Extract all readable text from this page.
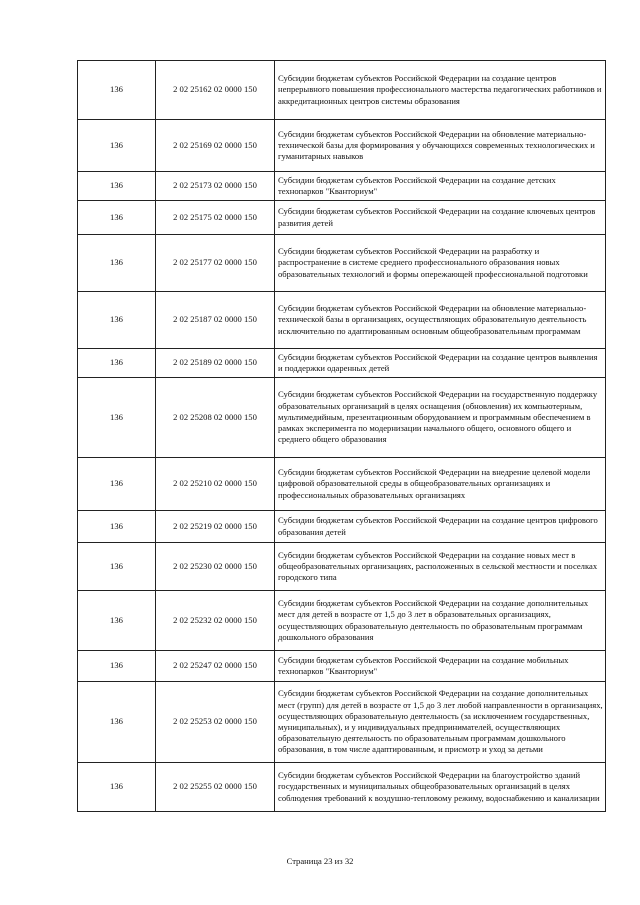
136	2 02 25162 02 0000 150	Субсидии бюджетам субъектов Российской Федерации на создание центров непрерывного повышения профессионального мастерства педагогических работников и аккредитационных центров системы образования
136	2 02 25169 02 0000 150	Субсидии бюджетам субъектов Российской Федерации на обновление материально-технической базы для формирования у обучающихся современных технологических и гуманитарных навыков
136	2 02 25173 02 0000 150	Субсидии бюджетам субъектов Российской Федерации на создание детских технопарков "Кванториум"
136	2 02 25175 02 0000 150	Субсидии бюджетам субъектов Российской Федерации на создание ключевых центров развития детей
136	2 02 25177 02 0000 150	Субсидии бюджетам субъектов Российской Федерации на разработку и распространение в системе среднего профессионального образования новых образовательных технологий и формы опережающей профессиональной подготовки
136	2 02 25187 02 0000 150	Субсидии бюджетам субъектов Российской Федерации на обновление материально-технической базы в организациях, осуществляющих образовательную деятельность исключительно по адаптированным основным общеобразовательным программам
136	2 02 25189 02 0000 150	Субсидии бюджетам субъектов Российской Федерации на создание центров выявления и поддержки одаренных детей
136	2 02 25208 02 0000 150	Субсидии бюджетам субъектов Российской Федерации на государственную поддержку образовательных организаций в целях оснащения (обновления) их компьютерным, мультимедийным, презентационным оборудованием и программным обеспечением в рамках эксперимента по модернизации начального общего, основного общего и среднего общего образования
136	2 02 25210 02 0000 150	Субсидии бюджетам субъектов Российской Федерации на внедрение целевой модели цифровой образовательной среды в общеобразовательных организациях и профессиональных образовательных организациях
136	2 02 25219 02 0000 150	Субсидии бюджетам субъектов Российской Федерации на создание центров цифрового образования детей
136	2 02 25230 02 0000 150	Субсидии бюджетам субъектов Российской Федерации на создание новых мест в общеобразовательных организациях, расположенных в сельской местности и поселках городского типа
136	2 02 25232 02 0000 150	Субсидии бюджетам субъектов Российской Федерации на создание дополнительных мест для детей в возрасте от 1,5 до 3 лет в образовательных организациях, осуществляющих образовательную деятельность по образовательным программам дошкольного образования
136	2 02 25247 02 0000 150	Субсидии бюджетам субъектов Российской Федерации на создание мобильных технопарков "Кванториум"
136	2 02 25253 02 0000 150	Субсидии бюджетам субъектов Российской Федерации на создание дополнительных мест (групп) для детей в возрасте от 1,5 до 3 лет любой направленности в организациях, осуществляющих образовательную деятельность (за исключением государственных, муниципальных), и у индивидуальных предпринимателей, осуществляющих образовательную деятельность по образовательным программам дошкольного образования, в том числе адаптированным, и присмотр и уход за детьми
136	2 02 25255 02 0000 150	Субсидии бюджетам субъектов Российской Федерации на благоустройство зданий государственных и муниципальных общеобразовательных организаций в целях соблюдения требований к воздушно-тепловому режиму, водоснабжению и канализации
Страница 23 из 32
